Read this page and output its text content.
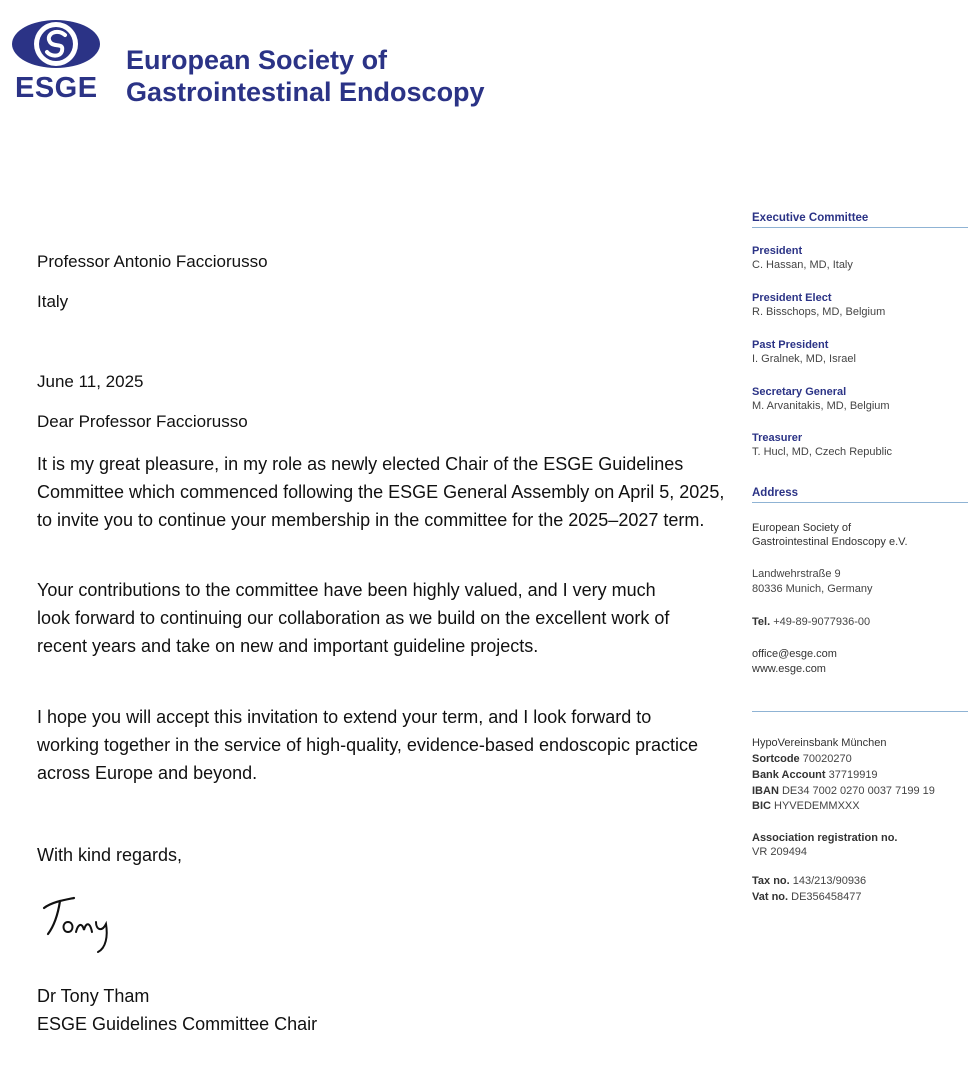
ESGE
European Society of
Gastrointestinal Endoscopy
Professor Antonio Facciorusso
Italy
June 11, 2025
Dear Professor Facciorusso
It is my great pleasure, in my role as newly elected Chair of the ESGE Guidelines Committee which commenced following the ESGE General Assembly on April 5, 2025, to invite you to continue your membership in the committee for the 2025–2027 term.
Your contributions to the committee have been highly valued, and I very much look forward to continuing our collaboration as we build on the excellent work of recent years and take on new and important guideline projects.
I hope you will accept this invitation to extend your term, and I look forward to working together in the service of high-quality, evidence-based endoscopic practice across Europe and beyond.
With kind regards,
Dr Tony Tham
ESGE Guidelines Committee Chair
Executive Committee
President
C. Hassan, MD, Italy
President Elect
R. Bisschops, MD, Belgium
Past President
I. Gralnek, MD, Israel
Secretary General
M. Arvanitakis, MD, Belgium
Treasurer
T. Hucl, MD, Czech Republic
Address
European Society of
Gastrointestinal Endoscopy e.V.
Landwehrstraße 9
80336 Munich, Germany
Tel. +49-89-9077936-00
office@esge.com
www.esge.com
HypoVereinsbank München
Sortcode 70020270
Bank Account 37719919
IBAN DE34 7002 0270 0037 7199 19
BIC HYVEDEMMXXX
Association registration no.
VR 209494
Tax no. 143/213/90936
Vat no. DE356458477
